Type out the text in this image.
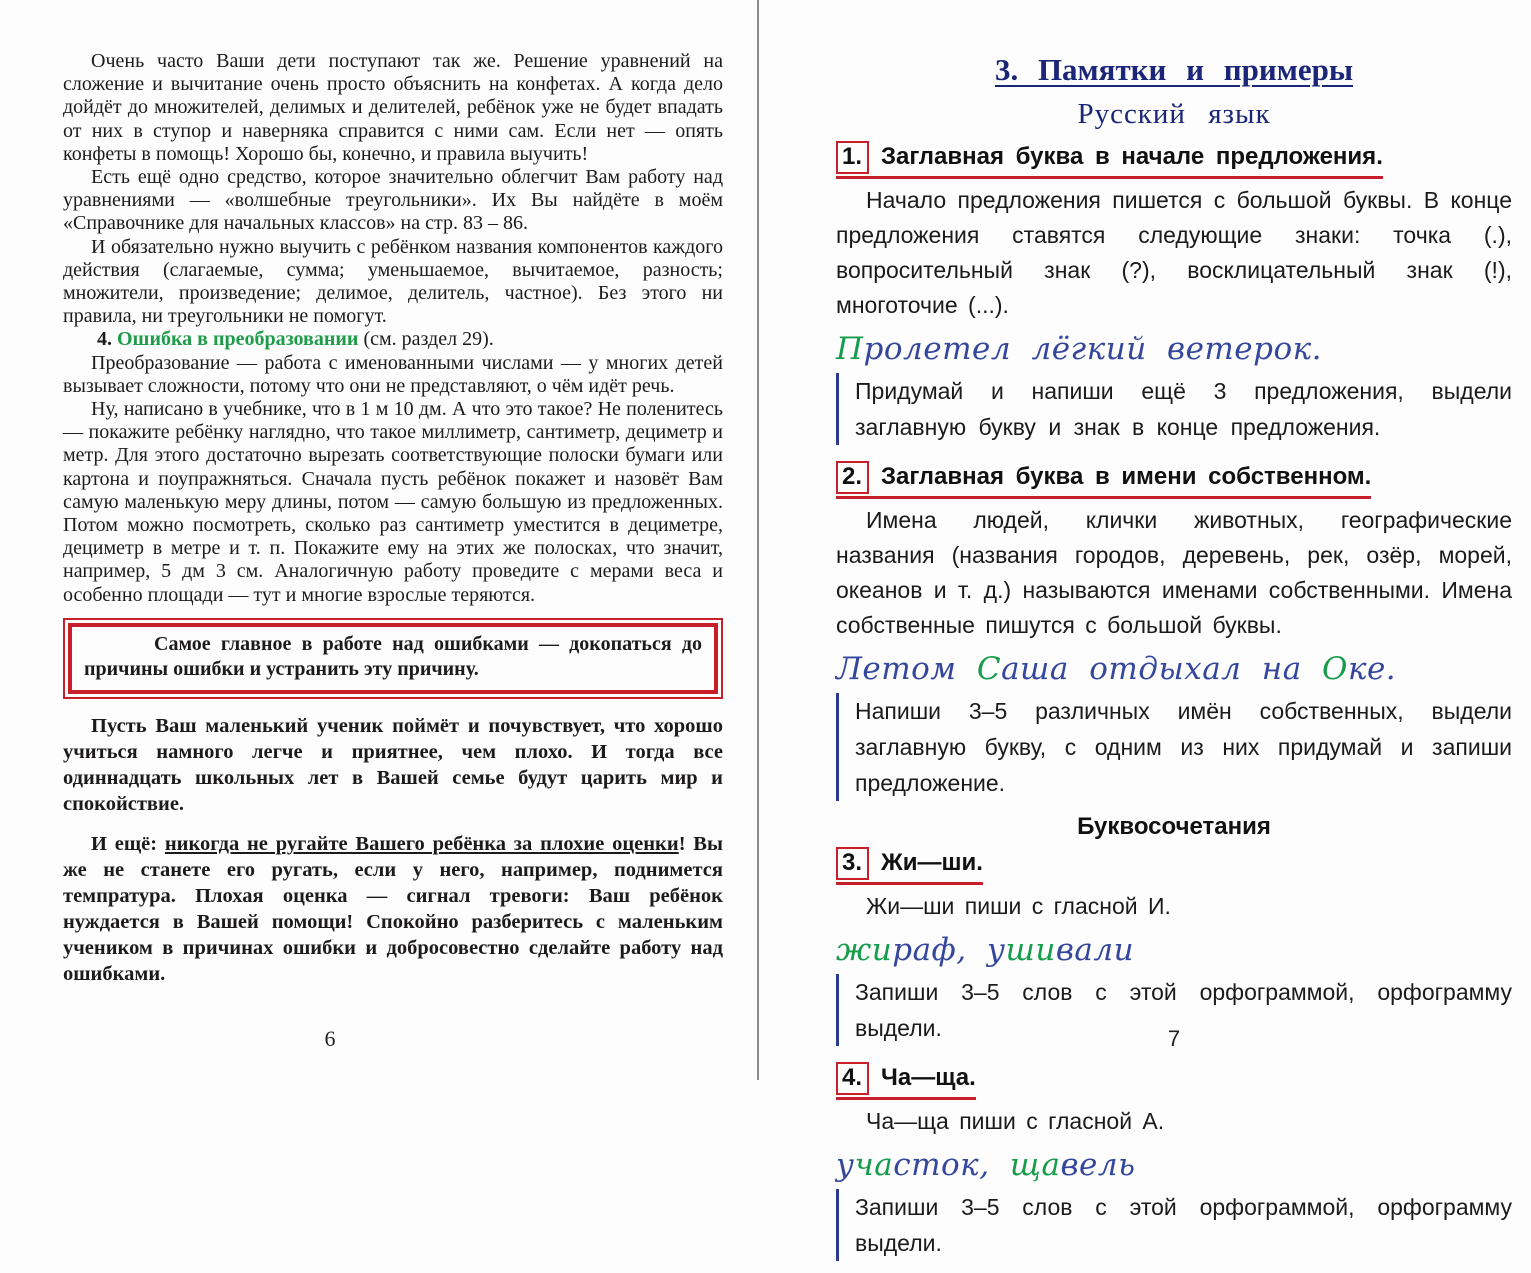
Очень часто Ваши дети поступают так же. Решение уравнений на сложение и вычитание очень просто объяснить на конфетах. А когда дело дойдёт до множителей, делимых и делителей, ребёнок уже не будет впадать от них в ступор и наверняка справится с ними сам. Если нет — опять конфеты в помощь! Хорошо бы, конечно, и правила выучить!

Есть ещё одно средство, которое значительно облегчит Вам работу над уравнениями — «волшебные треугольники». Их Вы найдёте в моём «Справочнике для начальных классов» на стр. 83 – 86.

И обязательно нужно выучить с ребёнком названия компонентов каждого действия (слагаемые, сумма; уменьшаемое, вычитаемое, разность; множители, произведение; делимое, делитель, частное). Без этого ни правила, ни треугольники не помогут.

4. Ошибка в преобразовании (см. раздел 29).

Преобразование — работа с именованными числами — у многих детей вызывает сложности, потому что они не представляют, о чём идёт речь.

Ну, написано в учебнике, что в 1 м 10 дм. А что это такое? Не поленитесь — покажите ребёнку наглядно, что такое миллиметр, сантиметр, дециметр и метр. Для этого достаточно вырезать соответствующие полоски бумаги или картона и поупражняться. Сначала пусть ребёнок покажет и назовёт Вам самую маленькую меру длины, потом — самую большую из предложенных. Потом можно посмотреть, сколько раз сантиметр уместится в дециметре, дециметр в метре и т. п. Покажите ему на этих же полосках, что значит, например, 5 дм 3 см. Аналогичную работу проведите с мерами веса и особенно площади — тут и многие взрослые теряются.

Самое главное в работе над ошибками — докопаться до причины ошибки и устранить эту причину.

Пусть Ваш маленький ученик поймёт и почувствует, что хорошо учиться намного легче и приятнее, чем плохо. И тогда все одиннадцать школьных лет в Вашей семье будут царить мир и спокойствие.

И ещё: никогда не ругайте Вашего ребёнка за плохие оценки! Вы же не станете его ругать, если у него, например, поднимется темпратура. Плохая оценка — сигнал тревоги: Ваш ребёнок нуждается в Вашей помощи! Спокойно разберитесь с маленьким учеником в причинах ошибки и добросовестно сделайте работу над ошибками.

6
3. Памятки и примеры
Русский язык
1. Заглавная буква в начале предложения.

Начало предложения пишется с большой буквы. В конце предложения ставятся следующие знаки: точка (.), вопросительный знак (?), восклицательный знак (!), многоточие (...).

Пролетел лёгкий ветерок.

Придумай и напиши ещё 3 предложения, выдели заглавную букву и знак в конце предложения.

2. Заглавная буква в имени собственном.

Имена людей, клички животных, географические названия (названия городов, деревень, рек, озёр, морей, океанов и т. д.) называются именами собственными. Имена собственные пишутся с большой буквы.

Летом Саша отдыхал на Оке.

Напиши 3–5 различных имён собственных, выдели заглавную букву, с одним из них придумай и запиши предложение.

Буквосочетания
3. Жи—ши.

Жи—ши пиши с гласной И.

жираф, ушивали

Запиши 3–5 слов с этой орфограммой, орфограмму выдели.

4. Ча—ща.

Ча—ща пиши с гласной А.

участок, щавель

Запиши 3–5 слов с этой орфограммой, орфограмму выдели.

7
